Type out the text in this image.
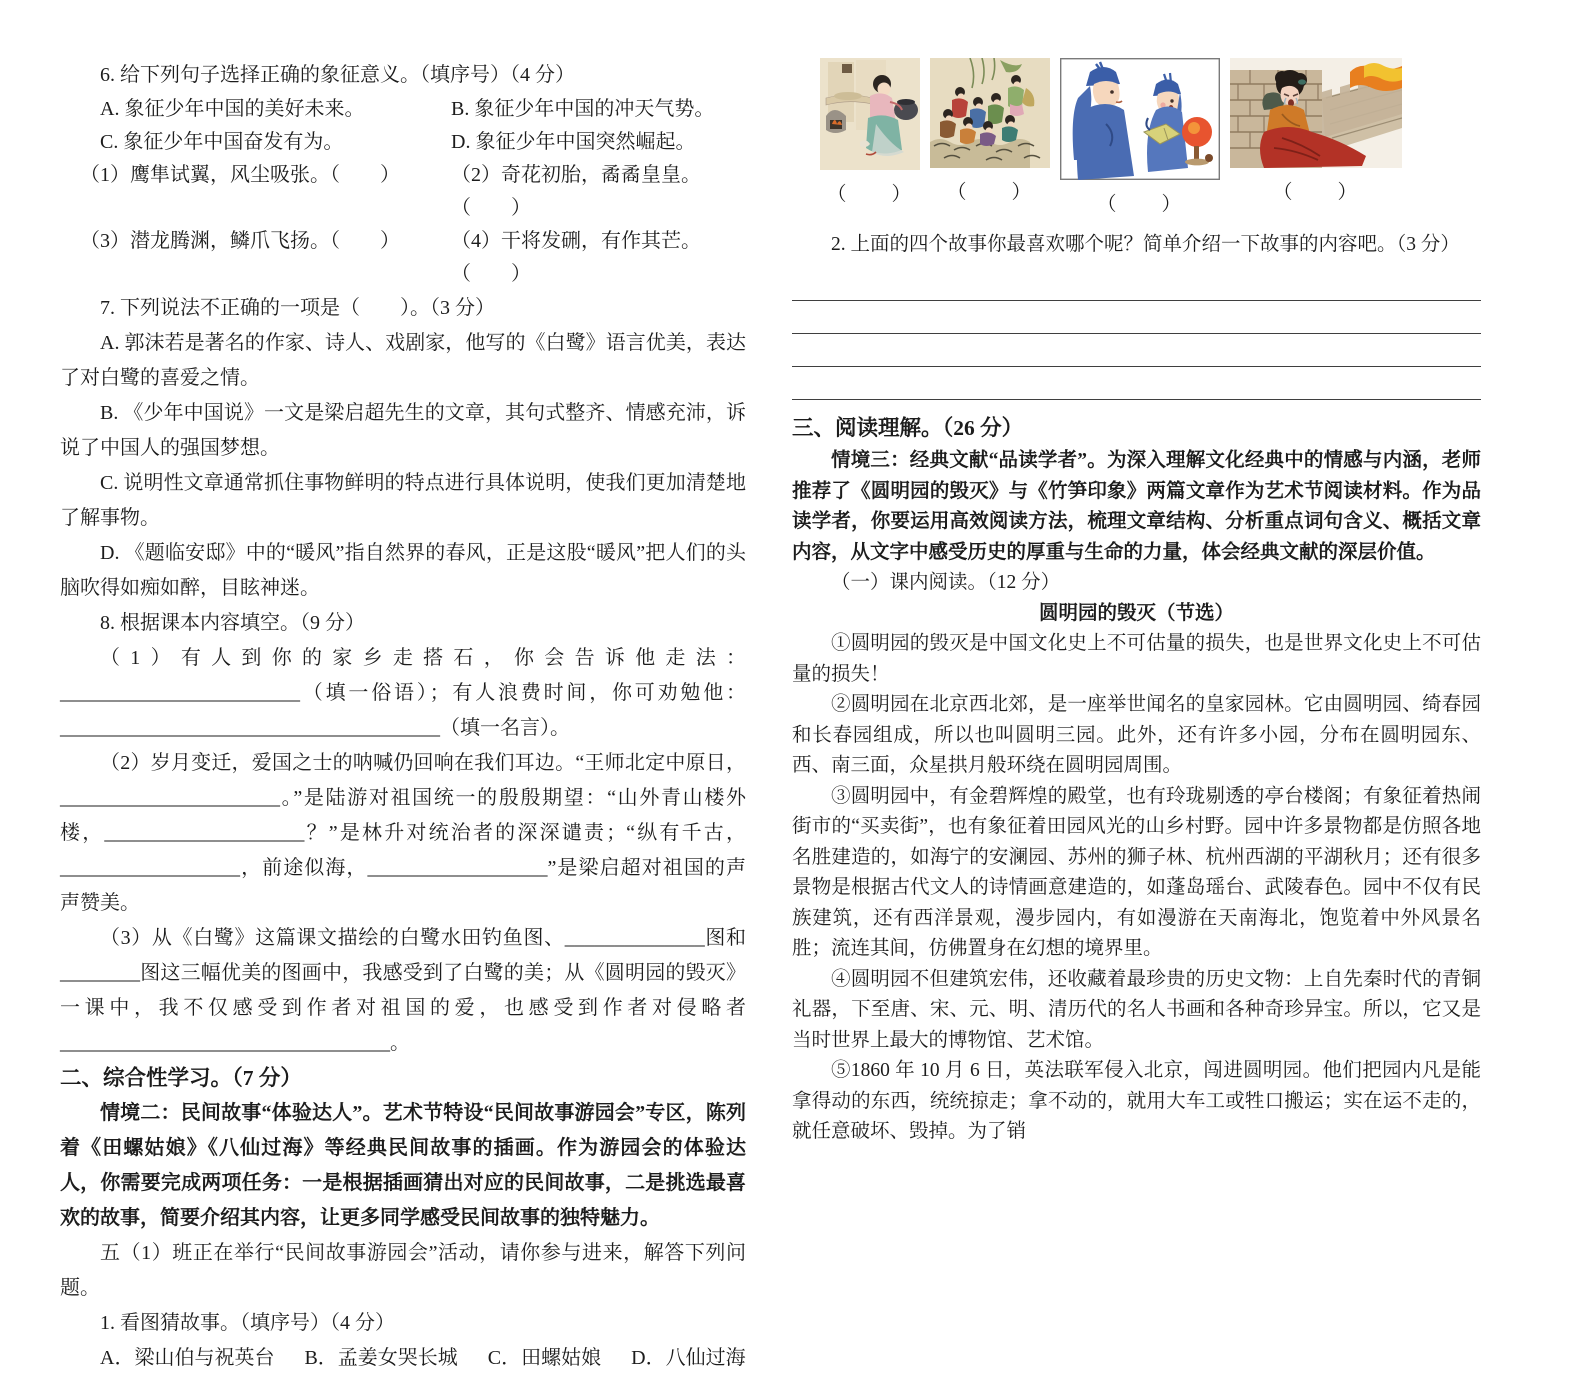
6. 给下列句子选择正确的象征意义。（填序号）（4 分）
A. 象征少年中国的美好未来。	B. 象征少年中国的冲天气势。
C. 象征少年中国奋发有为。	D. 象征少年中国突然崛起。
（1）鹰隼试翼，风尘吸张。（　　）	（2）奇花初胎，矞矞皇皇。（　　）
（3）潜龙腾渊，鳞爪飞扬。（　　）	（4）干将发硎，有作其芒。（　　）
7. 下列说法不正确的一项是（　　）。（3 分）
A. 郭沫若是著名的作家、诗人、戏剧家，他写的《白鹭》语言优美，表达了对白鹭的喜爱之情。
B. 《少年中国说》一文是梁启超先生的文章，其句式整齐、情感充沛，诉说了中国人的强国梦想。
C. 说明性文章通常抓住事物鲜明的特点进行具体说明，使我们更加清楚地了解事物。
D. 《题临安邸》中的“暖风”指自然界的春风，正是这股“暖风”把人们的头脑吹得如痴如醉，目眩神迷。
8. 根据课本内容填空。（9 分）
（1）有人到你的家乡走搭石，你会告诉他走法：________________________（填一俗语）；有人浪费时间，你可劝勉他：______________________________________（填一名言）。
（2）岁月变迁，爱国之士的呐喊仍回响在我们耳边。“王师北定中原日，______________________。”是陆游对祖国统一的殷殷期望：“山外青山楼外楼，____________________？”是林升对统治者的深深谴责；“纵有千古，__________________，前途似海，__________________”是梁启超对祖国的声声赞美。
（3）从《白鹭》这篇课文描绘的白鹭水田钓鱼图、______________图和________图这三幅优美的图画中，我感受到了白鹭的美；从《圆明园的毁灭》一课中，我不仅感受到作者对祖国的爱，也感受到作者对侵略者_________________________________。
二、综合性学习。（7 分）
情境二：民间故事“体验达人”。艺术节特设“民间故事游园会”专区，陈列着《田螺姑娘》《八仙过海》等经典民间故事的插画。作为游园会的体验达人，你需要完成两项任务：一是根据插画猜出对应的民间故事，二是挑选最喜欢的故事，简要介绍其内容，让更多同学感受民间故事的独特魅力。
五（1）班正在举行“民间故事游园会”活动，请你参与进来，解答下列问题。
1. 看图猜故事。（填序号）（4 分）
A．梁山伯与祝英台 B．孟姜女哭长城 C．田螺姑娘 D．八仙过海
（　　）	（　　）
（　　）
（　　）
2. 上面的四个故事你最喜欢哪个呢？简单介绍一下故事的内容吧。（3 分）
三、阅读理解。（26 分）
情境三：经典文献“品读学者”。为深入理解文化经典中的情感与内涵，老师推荐了《圆明园的毁灭》与《竹笋印象》两篇文章作为艺术节阅读材料。作为品读学者，你要运用高效阅读方法，梳理文章结构、分析重点词句含义、概括文章内容，从文字中感受历史的厚重与生命的力量，体会经典文献的深层价值。
（一）课内阅读。（12 分）
圆明园的毁灭（节选）
①圆明园的毁灭是中国文化史上不可估量的损失，也是世界文化史上不可估量的损失！
②圆明园在北京西北郊，是一座举世闻名的皇家园林。它由圆明园、绮春园和长春园组成，所以也叫圆明三园。此外，还有许多小园，分布在圆明园东、西、南三面，众星拱月般环绕在圆明园周围。
③圆明园中，有金碧辉煌的殿堂，也有玲珑剔透的亭台楼阁；有象征着热闹街市的“买卖街”，也有象征着田园风光的山乡村野。园中许多景物都是仿照各地名胜建造的，如海宁的安澜园、苏州的狮子林、杭州西湖的平湖秋月；还有很多景物是根据古代文人的诗情画意建造的，如蓬岛瑶台、武陵春色。园中不仅有民族建筑，还有西洋景观，漫步园内，有如漫游在天南海北，饱览着中外风景名胜；流连其间，仿佛置身在幻想的境界里。
④圆明园不但建筑宏伟，还收藏着最珍贵的历史文物：上自先秦时代的青铜礼器，下至唐、宋、元、明、清历代的名人书画和各种奇珍异宝。所以，它又是当时世界上最大的博物馆、艺术馆。
⑤1860 年 10 月 6 日，英法联军侵入北京，闯进圆明园。他们把园内凡是能拿得动的东西，统统掠走；拿不动的，就用大车工或牲口搬运；实在运不走的，就任意破坏、毁掉。为了销
